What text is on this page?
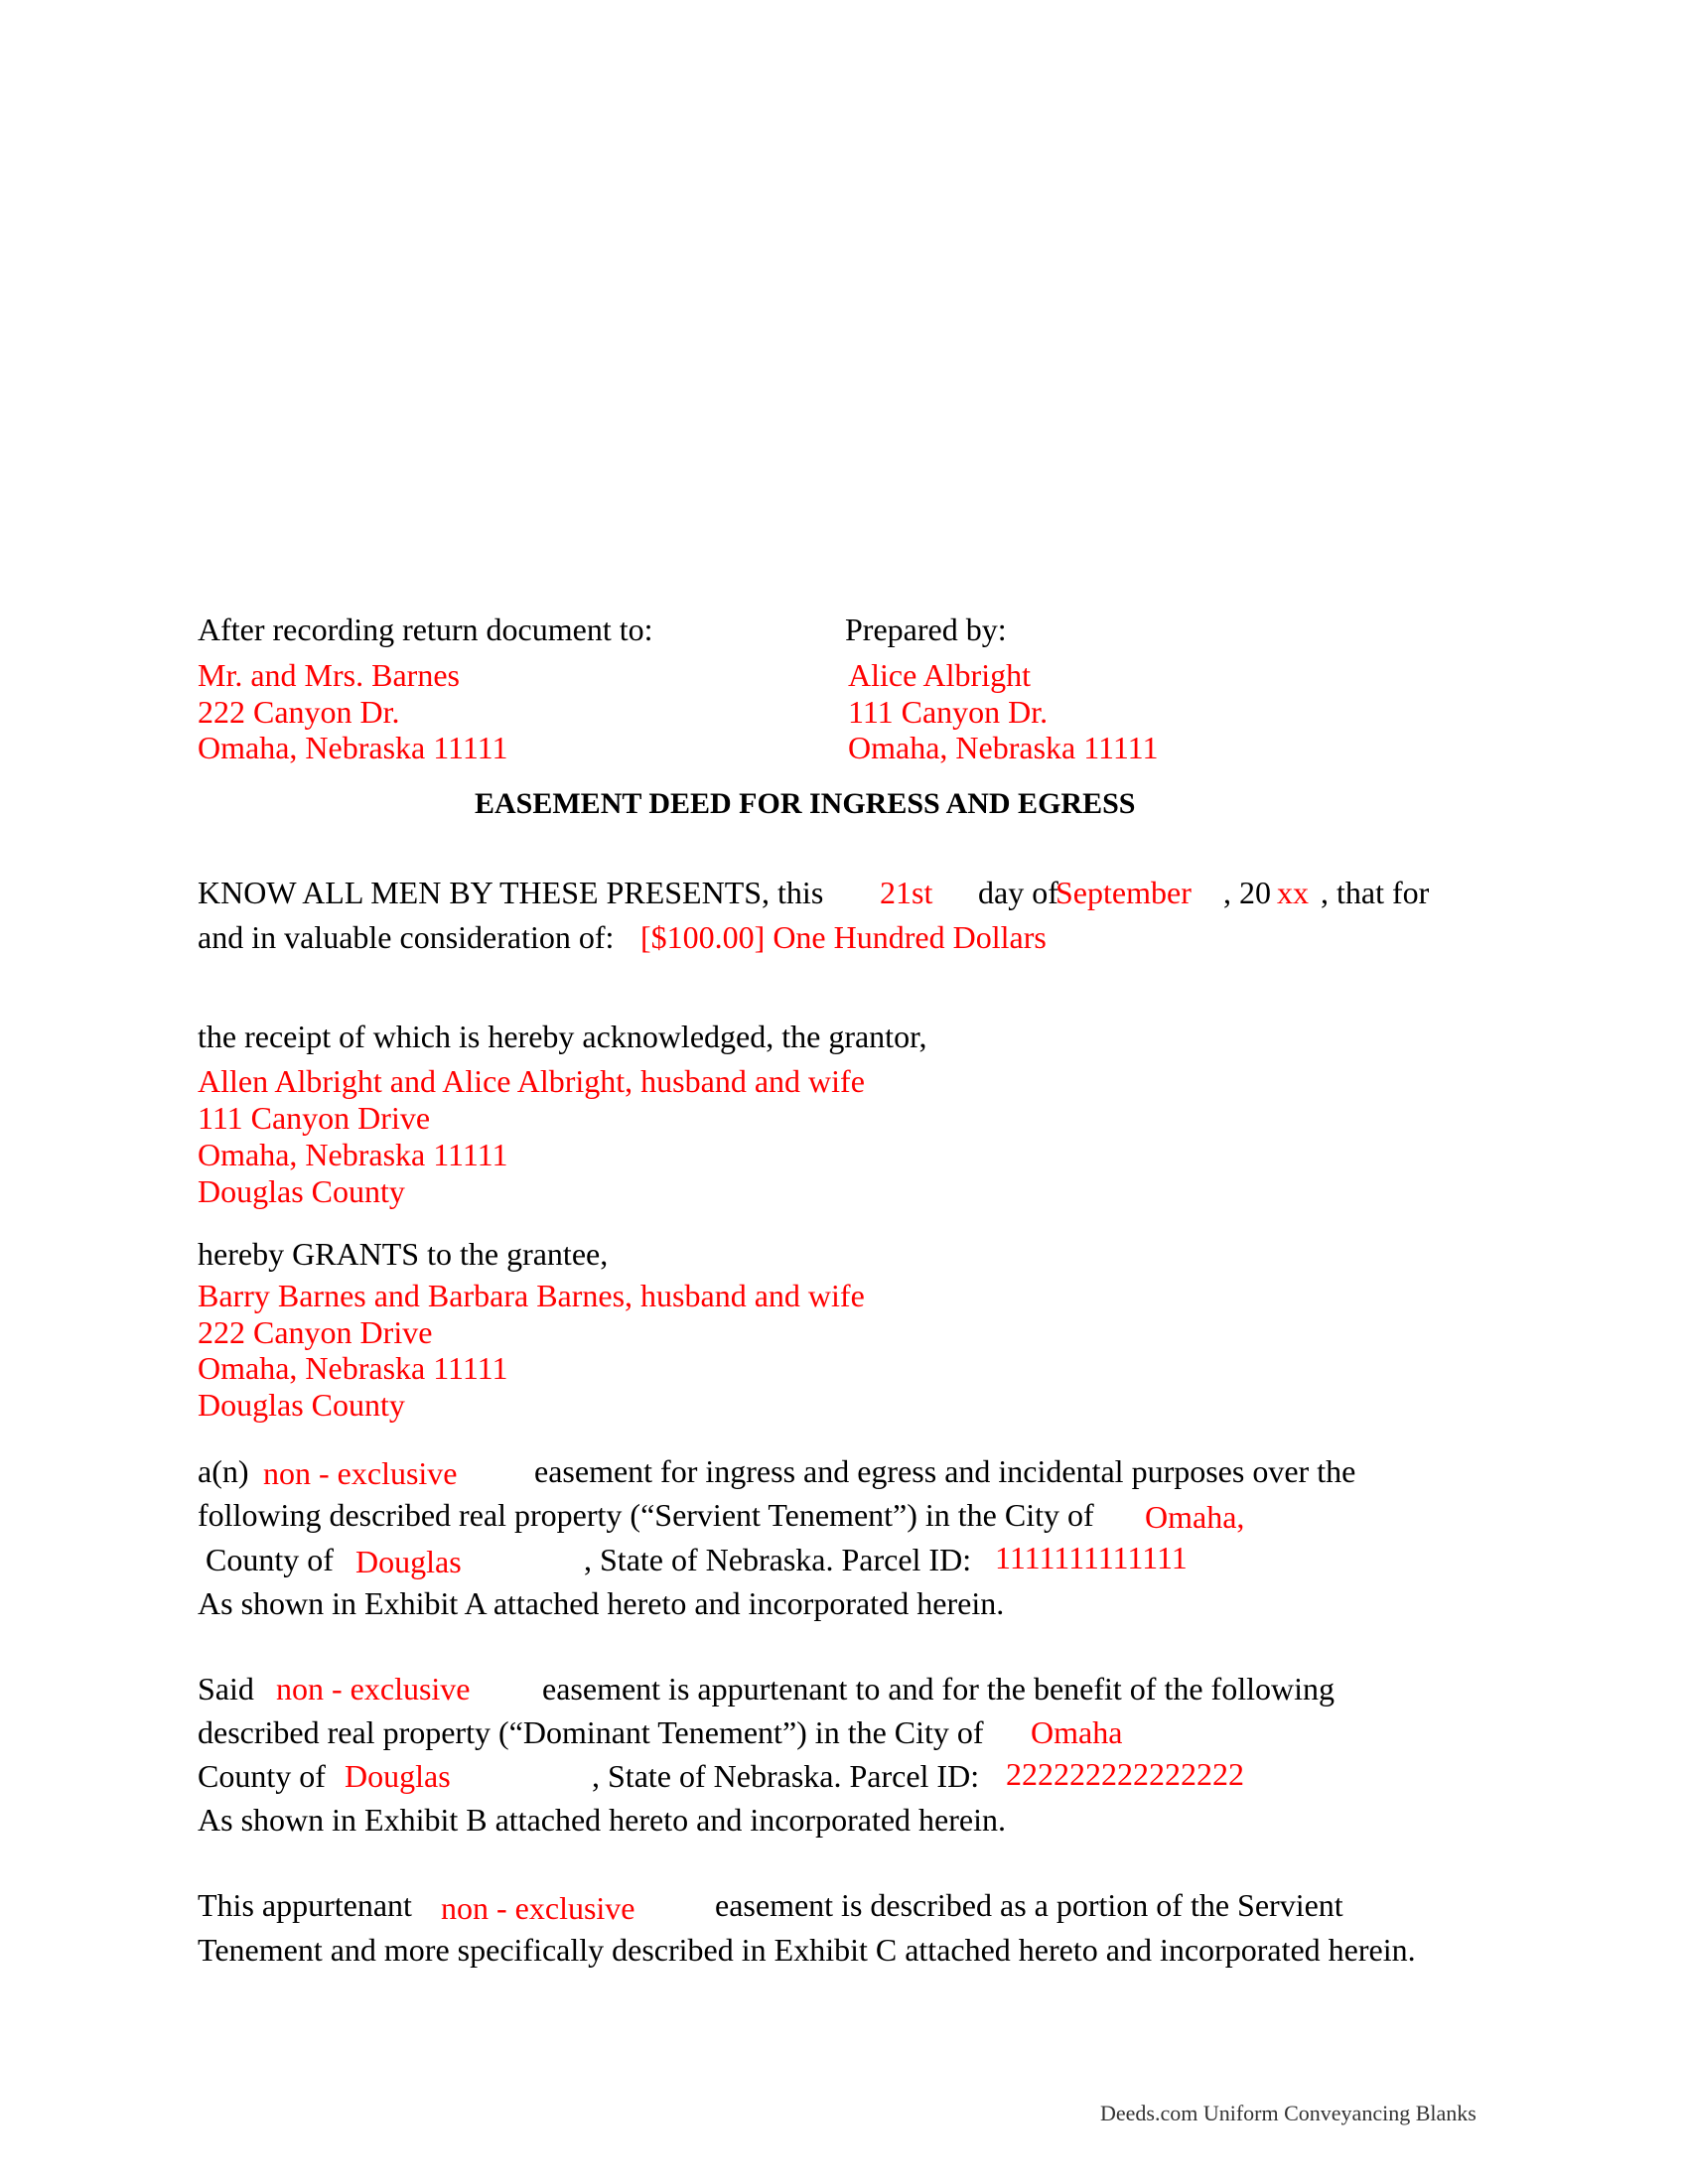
After recording return document to:
Mr. and Mrs. Barnes
222 Canyon Dr.
Omaha, Nebraska 11111
Prepared by:
Alice Albright
111 Canyon Dr.
Omaha, Nebraska 11111
EASEMENT DEED FOR INGRESS AND EGRESS
KNOW ALL MEN BY THESE PRESENTS, this 21st day of
September , 20 xx , that for
and in valuable consideration of: [$100.00] One Hundred Dollars
the receipt of which is hereby acknowledged, the grantor,
Allen Albright and Alice Albright, husband and wife
111 Canyon Drive
Omaha, Nebraska 11111
Douglas County
hereby GRANTS to the grantee,
Barry Barnes and Barbara Barnes, husband and wife
222 Canyon Drive
Omaha, Nebraska 11111
Douglas County
a(n) non - exclusive easement for ingress and egress and incidental purposes over the
following described real property (“Servient Tenement”) in the City of Omaha,
County of Douglas	, State of Nebraska. Parcel ID: 1111111111111
As shown in Exhibit A attached hereto and incorporated herein.
Said non - exclusive easement is appurtenant to and for the benefit of the following
described real property (“Dominant Tenement”) in the City of Omaha
County of Douglas	, State of Nebraska. Parcel ID: 222222222222222
As shown in Exhibit B attached hereto and incorporated herein.
This appurtenant non - exclusive	easement is described as a portion of the Servient
Tenement and more specifically described in Exhibit C attached hereto and incorporated herein.
Deeds.com Uniform Conveyancing Blanks
